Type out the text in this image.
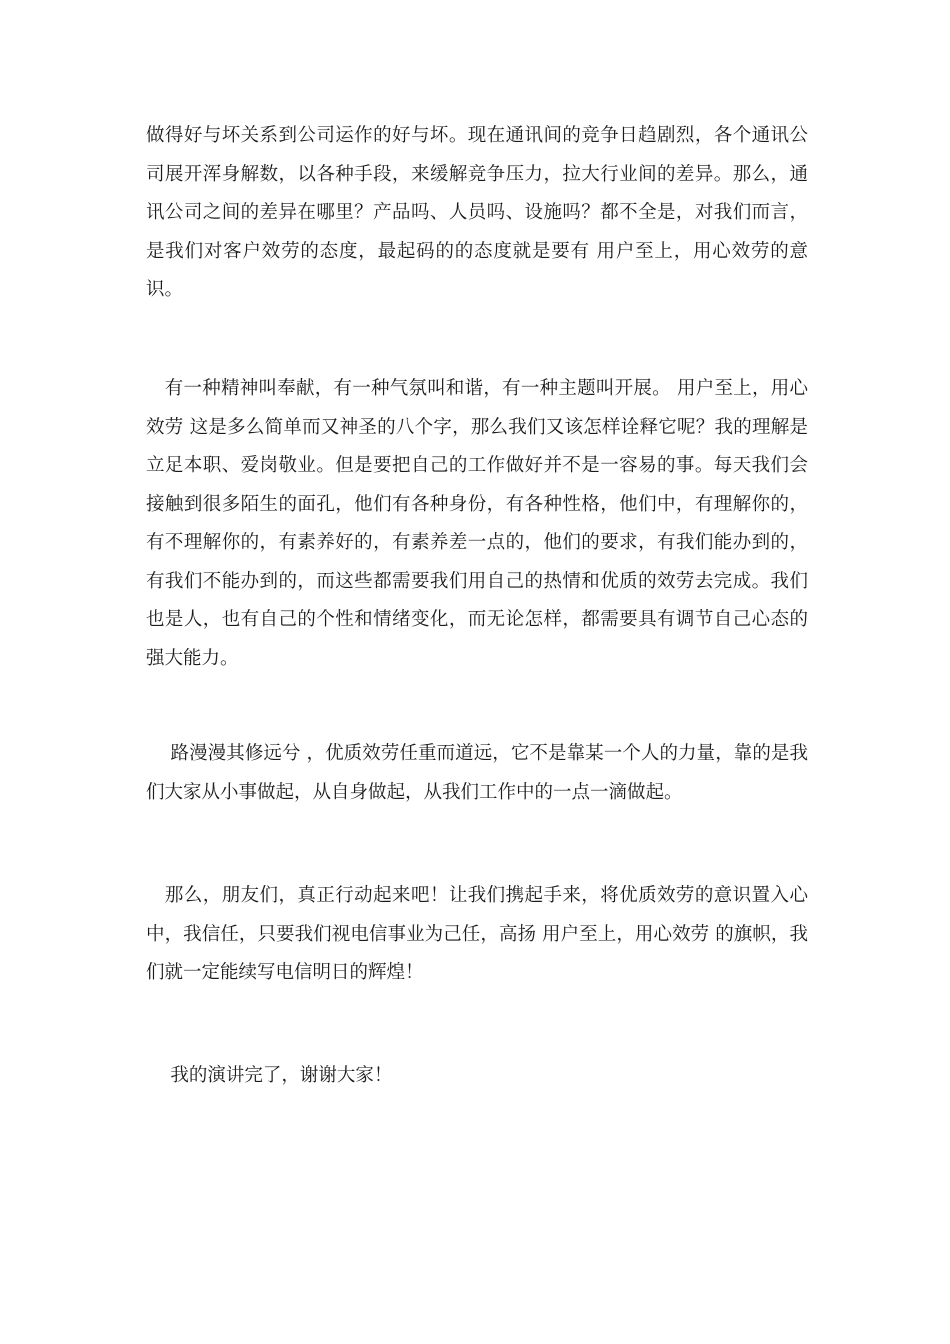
做得好与坏关系到公司运作的好与坏。现在通讯间的竞争日趋剧烈，各个通讯公司展开浑身解数，以各种手段，来缓解竞争压力，拉大行业间的差异。那么，通讯公司之间的差异在哪里？产品吗、人员吗、设施吗？都不全是，对我们而言，是我们对客户效劳的态度，最起码的的态度就是要有 用户至上，用心效劳的意识。

　有一种精神叫奉献，有一种气氛叫和谐，有一种主题叫开展。 用户至上，用心效劳 这是多么简单而又神圣的八个字，那么我们又该怎样诠释它呢？我的理解是立足本职、爱岗敬业。但是要把自己的工作做好并不是一容易的事。每天我们会接触到很多陌生的面孔，他们有各种身份，有各种性格，他们中，有理解你的，有不理解你的，有素养好的，有素养差一点的，他们的要求，有我们能办到的，有我们不能办到的，而这些都需要我们用自己的热情和优质的效劳去完成。我们也是人，也有自己的个性和情绪变化，而无论怎样，都需要具有调节自己心态的强大能力。

　 路漫漫其修远兮 ，优质效劳任重而道远，它不是靠某一个人的力量，靠的是我们大家从小事做起，从自身做起，从我们工作中的一点一滴做起。

　那么，朋友们，真正行动起来吧！让我们携起手来，将优质效劳的意识置入心中，我信任，只要我们视电信事业为己任，高扬 用户至上，用心效劳 的旗帜，我们就一定能续写电信明日的辉煌！

　 我的演讲完了，谢谢大家！
